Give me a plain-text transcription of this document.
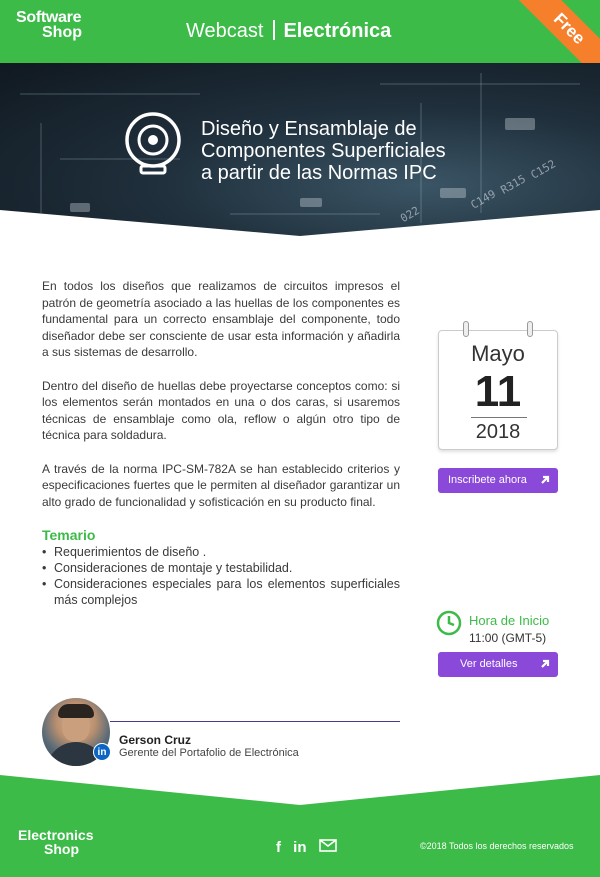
Software
Shop	Webcast Electrónica	Free
C152
R315
C149
022
Diseño y Ensamblaje de
Componentes Superficiales
a partir de las Normas IPC

En todos los diseños que realizamos de circuitos impresos el patrón de geometría asociado a las huellas de los componentes es fundamental para un correcto ensamblaje del componente, todo diseñador debe ser consciente de usar esta información y añadirla a sus sistemas de desarrollo.

Dentro del diseño de huellas debe proyectarse conceptos como: si los elementos serán montados en una o dos caras, si usaremos técnicas de ensamblaje como ola, reflow o algún otro tipo de técnica para soldadura.

A través de la norma IPC-SM-782A se han establecido criterios y especificaciones fuertes que le permiten al diseñador garantizar un alto grado de funcionalidad y sofisticación en su producto final.

Temario
• Requerimientos de diseño .
• Consideraciones de montaje y testabilidad.
• Consideraciones especiales para los elementos superficiales más complejos
Mayo
11
2018
Inscribete ahora
Hora de Inicio
11:00 (GMT-5)
Ver detalles
in
Gerson Cruz
Gerente del Portafolio de Electrónica
Electronics
Shop	f in	©2018 Todos los derechos reservados
